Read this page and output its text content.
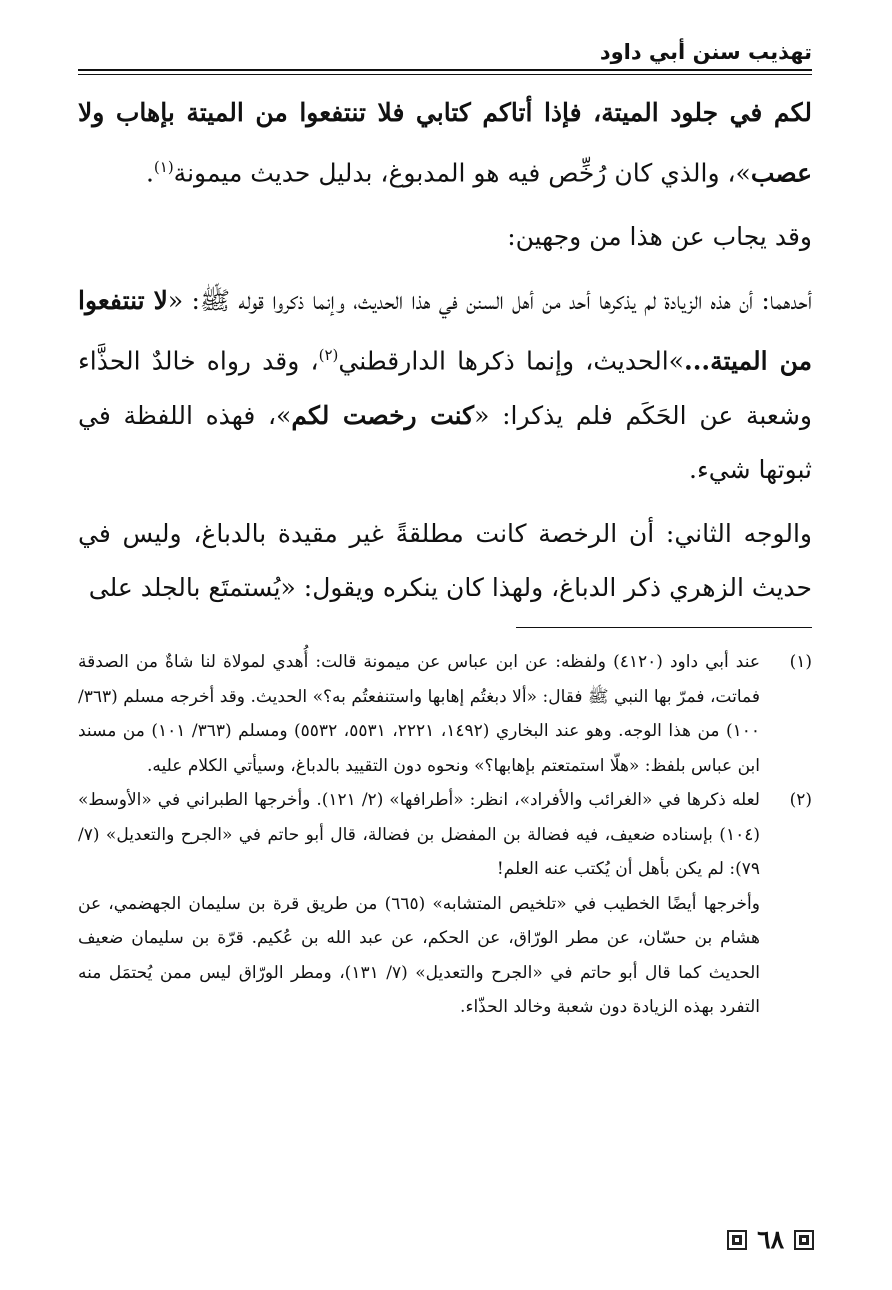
تهذيب سنن أبي داود

لكم في جلود الميتة، فإذا أتاكم كتابي فلا تنتفعوا من الميتة بإهاب ولا عصب»، والذي كان رُخِّص فيه هو المدبوغ، بدليل حديث ميمونة$^{(١)}$.

وقد يجاب عن هذا من وجهين:

أحدهما: أن هذه الزيادة لم يذكرها أحد من أهل السنن في هذا الحديث، وإنما ذكروا قوله ﷺ: «لا تنتفعوا من الميتة...»الحديث، وإنما ذكرها الدارقطني$^{(٢)}$، وقد رواه خالدٌ الحذَّاء وشعبة عن الحَكَم فلم يذكرا: «كنت رخصت لكم»، فهذه اللفظة في ثبوتها شيء.

والوجه الثاني: أن الرخصة كانت مطلقةً غير مقيدة بالدباغ، وليس في حديث الزهري ذكر الدباغ، ولهذا كان ينكره ويقول: «يُستمتَع بالجلد على

(١)

عند أبي داود (٤١٢٠) ولفظه: عن ابن عباس عن ميمونة قالت: أُهدي لمولاة لنا شاةٌ من الصدقة فماتت، فمرّ بها النبي ﷺ فقال: «ألا دبغتُم إهابها واستنفعتُم به؟» الحديث. وقد أخرجه مسلم (٣٦٣/ ١٠٠) من هذا الوجه. وهو عند البخاري (١٤٩٢، ٢٢٢١، ٥٥٣١، ٥٥٣٢) ومسلم (٣٦٣/ ١٠١) من مسند ابن عباس بلفظ: «هلّا استمتعتم بإهابها؟» ونحوه دون التقييد بالدباغ، وسيأتي الكلام عليه.

(٢)

لعله ذكرها في «الغرائب والأفراد»، انظر: «أطرافها» (٢/ ١٢١). وأخرجها الطبراني في «الأوسط» (١٠٤) بإسناده ضعيف، فيه فضالة بن المفضل بن فضالة، قال أبو حاتم في «الجرح والتعديل» (٧/ ٧٩): لم يكن بأهل أن يُكتب عنه العلم!

وأخرجها أيضًا الخطيب في «تلخيص المتشابه» (٦٦٥) من طريق قرة بن سليمان الجهضمي، عن هشام بن حسّان، عن مطر الورّاق، عن الحكم، عن عبد الله بن عُكيم. قرّة بن سليمان ضعيف الحديث كما قال أبو حاتم في «الجرح والتعديل» (٧/ ١٣١)، ومطر الورّاق ليس ممن يُحتمَل منه التفرد بهذه الزيادة دون شعبة وخالد الحذّاء.

٦٨
